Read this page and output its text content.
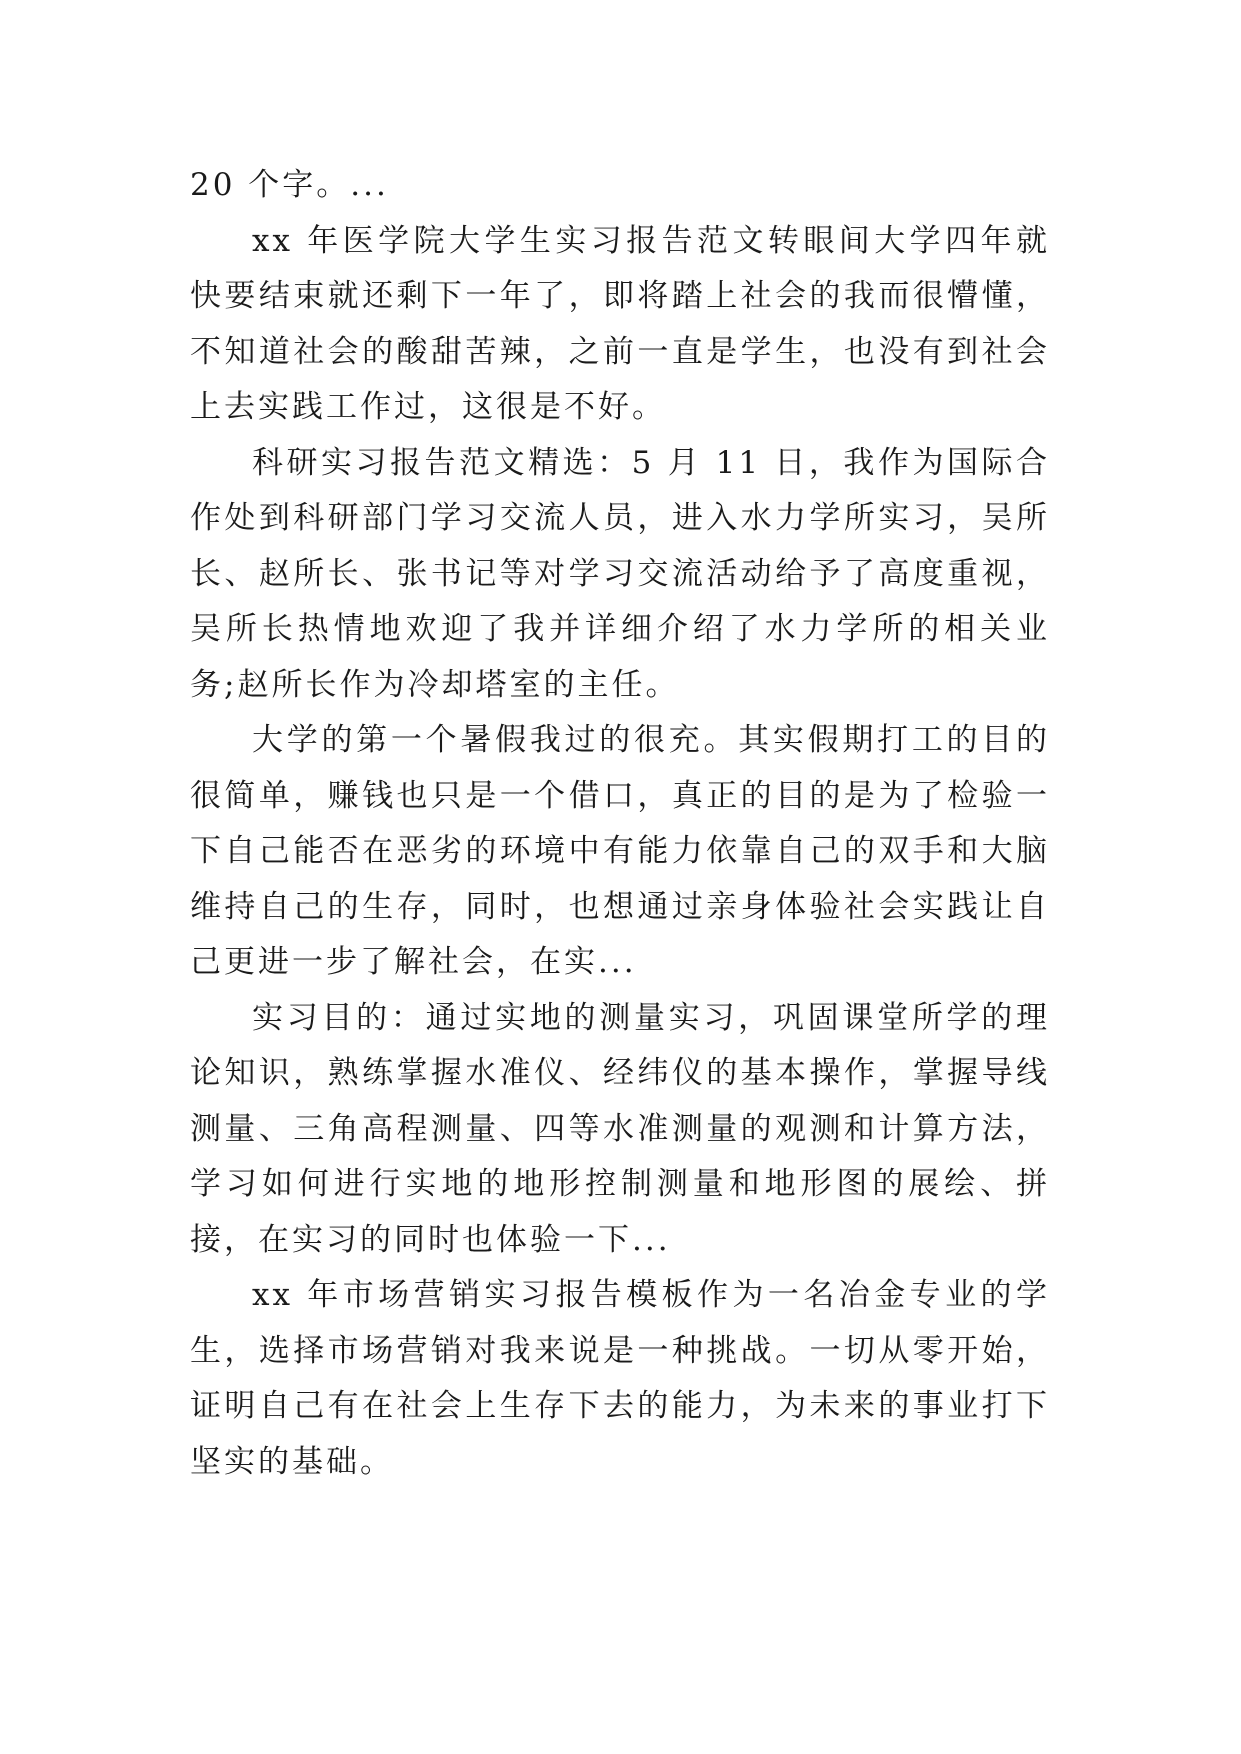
20 个字。...

xx 年医学院大学生实习报告范文转眼间大学四年就快要结束就还剩下一年了，即将踏上社会的我而很懵懂，不知道社会的酸甜苦辣，之前一直是学生，也没有到社会上去实践工作过，这很是不好。

科研实习报告范文精选：5 月 11 日，我作为国际合作处到科研部门学习交流人员，进入水力学所实习，吴所长、赵所长、张书记等对学习交流活动给予了高度重视，吴所长热情地欢迎了我并详细介绍了水力学所的相关业务;赵所长作为冷却塔室的主任。

大学的第一个暑假我过的很充。其实假期打工的目的很简单，赚钱也只是一个借口，真正的目的是为了检验一下自己能否在恶劣的环境中有能力依靠自己的双手和大脑维持自己的生存，同时，也想通过亲身体验社会实践让自己更进一步了解社会，在实...

实习目的：通过实地的测量实习，巩固课堂所学的理论知识，熟练掌握水准仪、经纬仪的基本操作，掌握导线测量、三角高程测量、四等水准测量的观测和计算方法，学习如何进行实地的地形控制测量和地形图的展绘、拼接，在实习的同时也体验一下...

xx 年市场营销实习报告模板作为一名冶金专业的学生，选择市场营销对我来说是一种挑战。一切从零开始，证明自己有在社会上生存下去的能力，为未来的事业打下坚实的基础。
